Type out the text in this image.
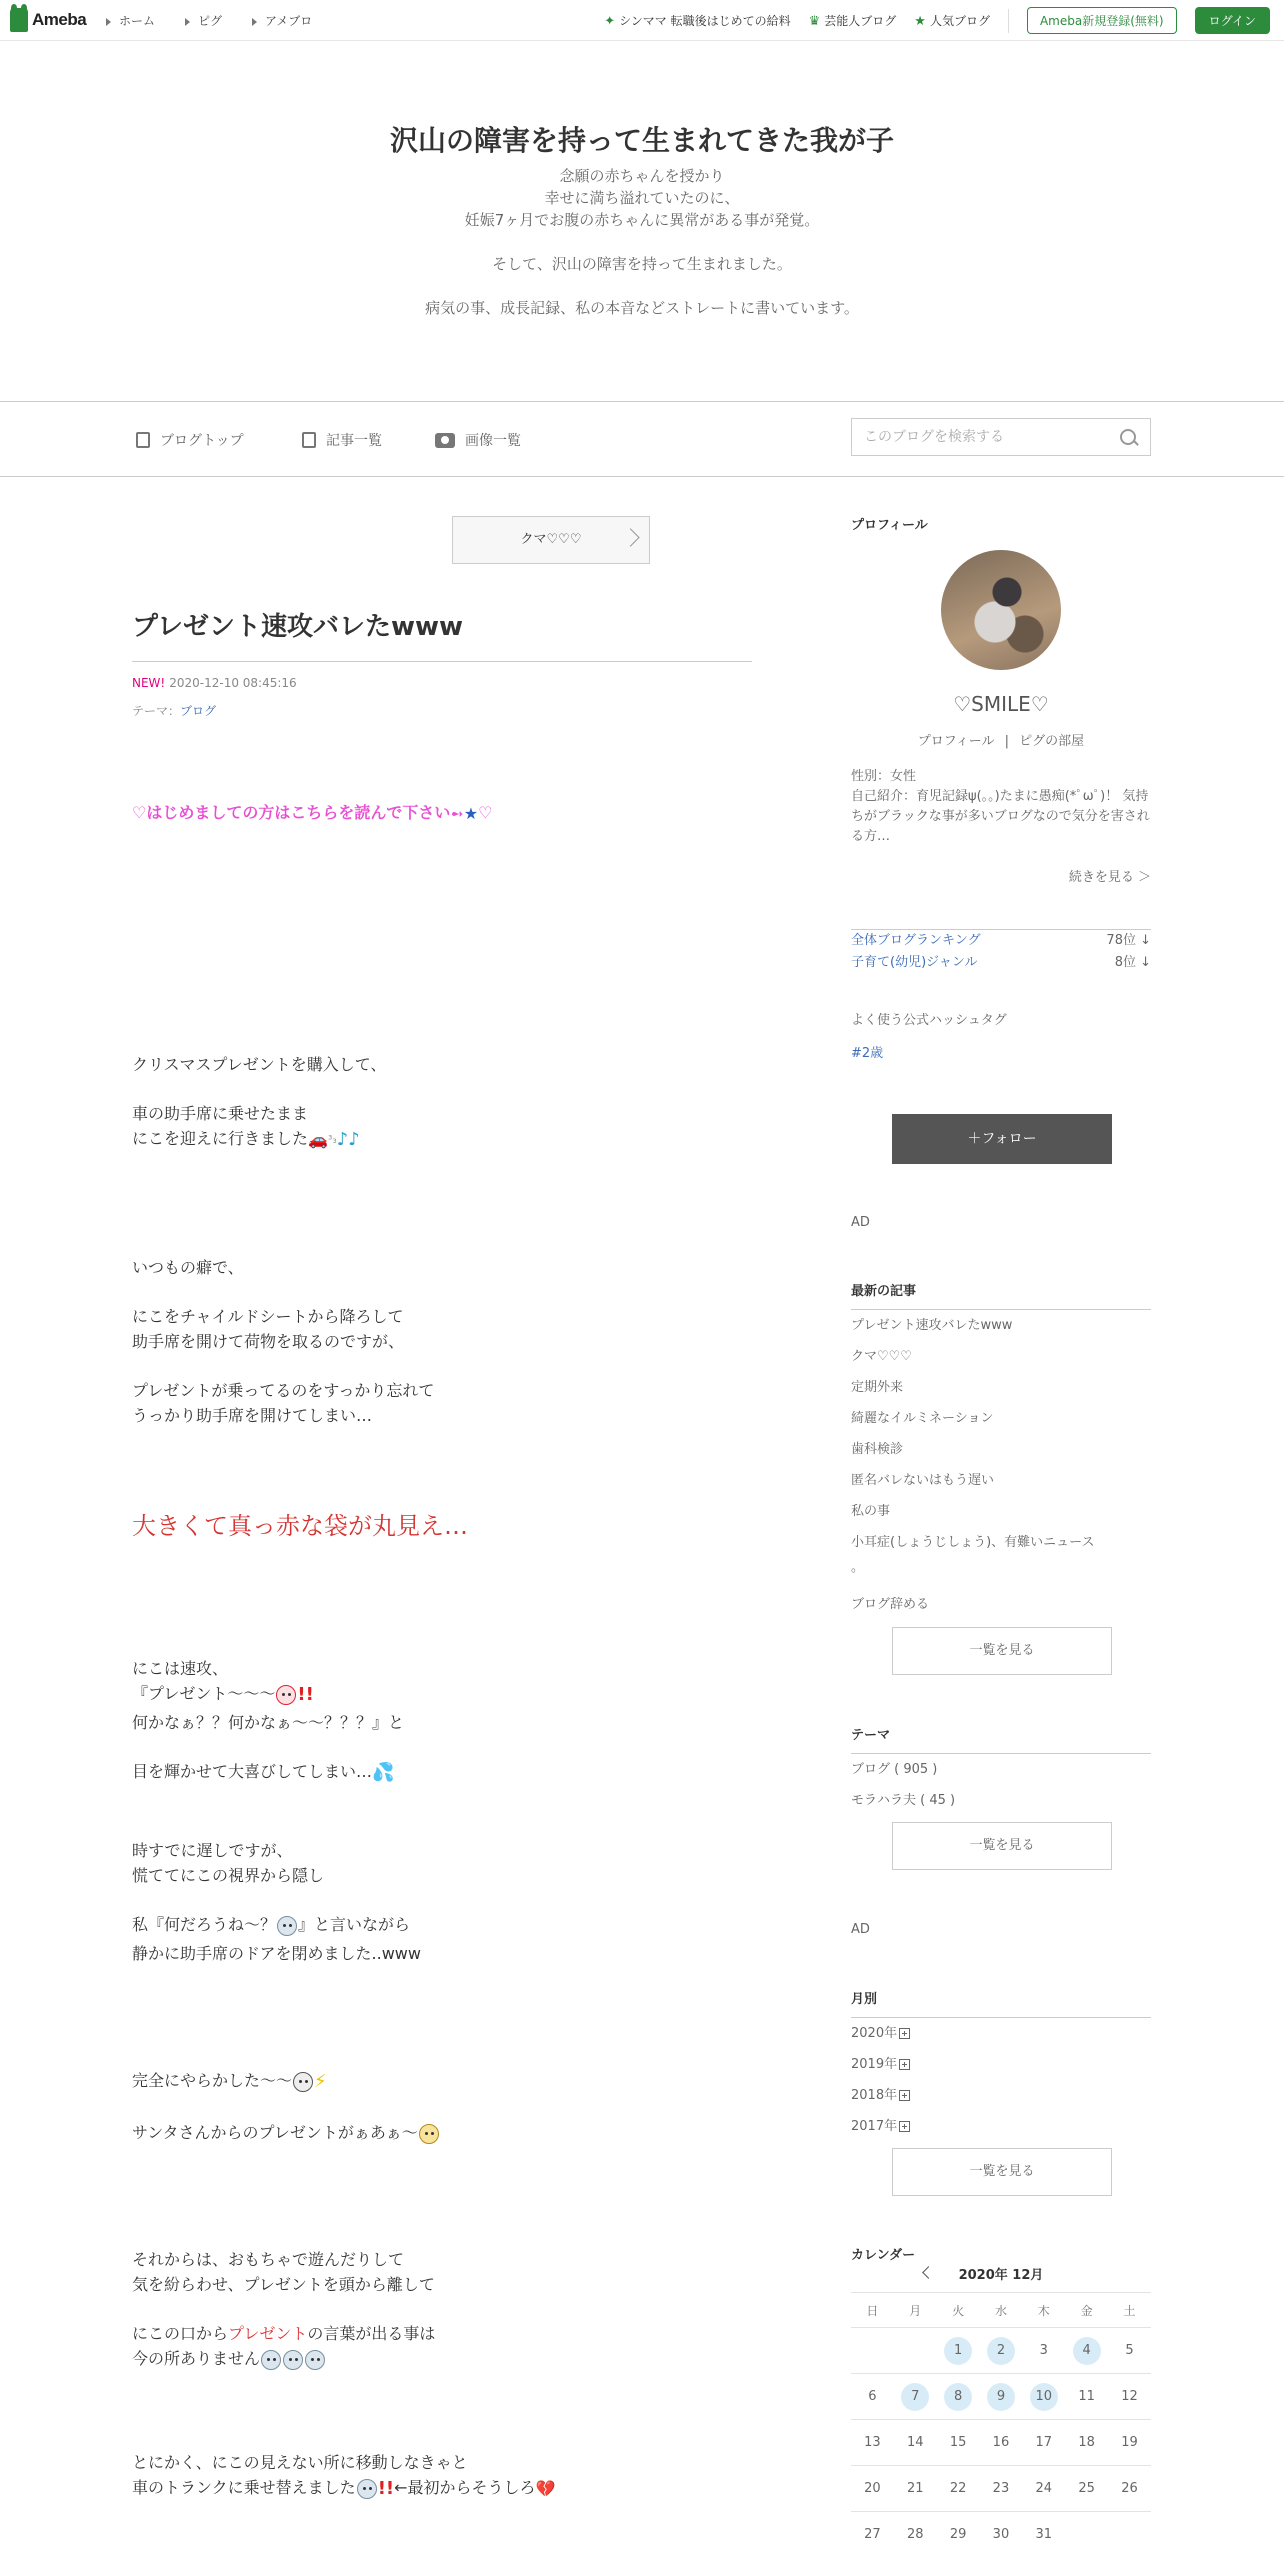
Ameba	ホーム	ピグ	アメブロ	✦ シンママ 転職後はじめての給料 ♛ 芸能人ブログ ★ 人気ブログ	Ameba新規登録(無料)	ログイン
沢山の障害を持って生まれてきた我が子
念願の赤ちゃんを授かり
幸せに満ち溢れていたのに、
妊娠7ヶ月でお腹の赤ちゃんに異常がある事が発覚。
そして、沢山の障害を持って生まれました。
病気の事、成長記録、私の本音などストレートに書いています。
ブログトップ	記事一覧	画像一覧
このブログを検索する
クマ♡♡♡
プレゼント速攻バレたwww
NEW! 2020-12-10 08:45:16
テーマ：ブログ
♡はじめましての方はこちらを読んで下さい➻★♡
クリスマスプレゼントを購入して、
車の助手席に乗せたまま
にこを迎えに行きました🚗³₃♪♪
いつもの癖で、
にこをチャイルドシートから降ろして
助手席を開けて荷物を取るのですが、
プレゼントが乗ってるのをすっかり忘れて
うっかり助手席を開けてしまい…
大きくて真っ赤な袋が丸見え…
にこは速攻、
『プレゼント～～～ !!
何かなぁ？？何かなぁ～～？？？』と
目を輝かせて大喜びしてしまい…💦
時すでに遅しですが、
慌ててにこの視界から隠し
私『何だろうね～？ 』と言いながら
静かに助手席のドアを閉めました..www
完全にやらかした～～ ⚡
サンタさんからのプレゼントがぁあぁ～
それからは、おもちゃで遊んだりして
気を紛らわせ、プレゼントを頭から離して
にこの口からプレゼントの言葉が出る事は
今の所ありません
とにかく、にこの見えない所に移動しなきゃと
車のトランクに乗せ替えました !!←最初からそうしろ💔
プロフィール
♡SMILE♡
プロフィール | ピグの部屋
性別：女性
自己紹介：育児記録ψ(。。)たまに愚痴(*ﾟωﾟ)！ 気持ちがブラックな事が多いブログなので気分を害される方…
続きを見る ＞
全体ブログランキング	78位 ↓
子育て(幼児)ジャンル	8位 ↓
よく使う公式ハッシュタグ
#2歳
＋フォロー
AD
最新の記事
プレゼント速攻バレたwww
クマ♡♡♡
定期外来
綺麗なイルミネーション
歯科検診
匿名バレないはもう遅い
私の事
小耳症(しょうじしょう)、有難いニュース
。
ブログ辞める
一覧を見る
テーマ
ブログ ( 905 )
モラハラ夫 ( 45 )
一覧を見る
AD
月別
2020年
2019年
2018年
2017年
一覧を見る
カレンダー
2020年 12月
日	月	火	水	木	金	土
		1	2	3	4	5
6	7	8	9	10	11	12
13	14	15	16	17	18	19
20	21	22	23	24	25	26
27	28	29	30	31		
